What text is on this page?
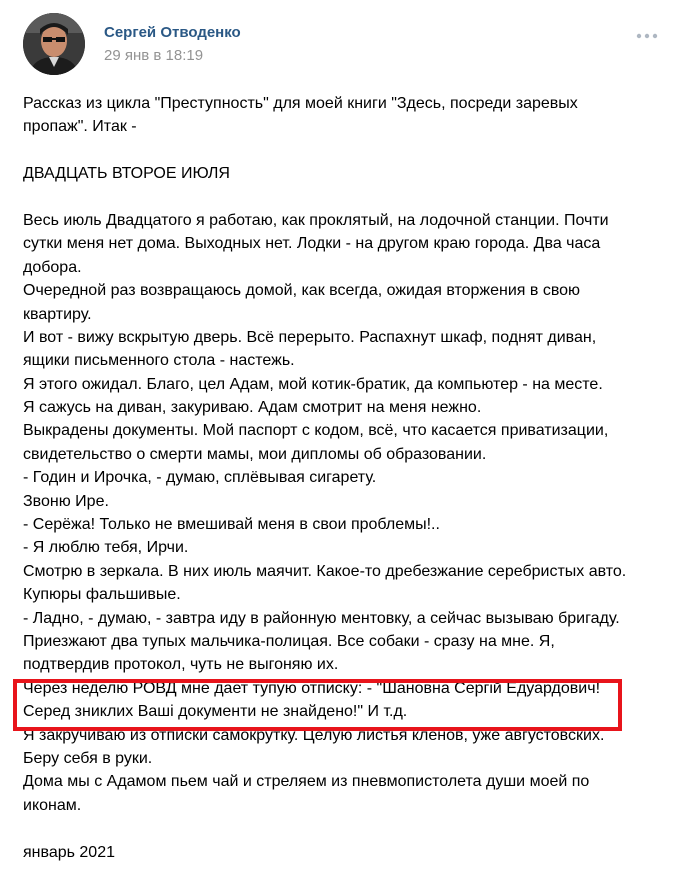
Сергей Отводенко
29 янв в 18:19
Рассказ из цикла "Преступность" для моей книги "Здесь, посреди заревых
пропаж". Итак -
ДВАДЦАТЬ ВТОРОЕ ИЮЛЯ
Весь июль Двадцатого я работаю, как проклятый, на лодочной станции. Почти
сутки меня нет дома. Выходных нет. Лодки - на другом краю города. Два часа
добора.
Очередной раз возвращаюсь домой, как всегда, ожидая вторжения в свою
квартиру.
И вот - вижу вскрытую дверь. Всё перерыто. Распахнут шкаф, поднят диван,
ящики письменного стола - настежь.
Я этого ожидал. Благо, цел Адам, мой котик-братик, да компьютер - на месте.
Я сажусь на диван, закуриваю. Адам смотрит на меня нежно.
Выкрадены документы. Мой паспорт с кодом, всё, что касается приватизации,
свидетельство о смерти мамы, мои дипломы об образовании.
- Годин и Ирочка, - думаю, сплёвывая сигарету.
Звоню Ире.
- Серёжа! Только не вмешивай меня в свои проблемы!..
- Я люблю тебя, Ирчи.
Смотрю в зеркала. В них июль маячит. Какое-то дребезжание серебристых авто.
Купюры фальшивые.
- Ладно, - думаю, - завтра иду в районную ментовку, а сейчас вызываю бригаду.
Приезжают два тупых мальчика-полицая. Все собаки - сразу на мне. Я,
подтвердив протокол, чуть не выгоняю их.
Через неделю РОВД мне дает тупую отписку: - "Шановна Сергій Едуардович!
Серед зниклих Ваші документи не знайдено!" И т.д.
Я закручиваю из отписки самокрутку. Целую листья кленов, уже августовских.
Беру себя в руки.
Дома мы с Адамом пьем чай и стреляем из пневмопистолета души моей по
иконам.
январь 2021
